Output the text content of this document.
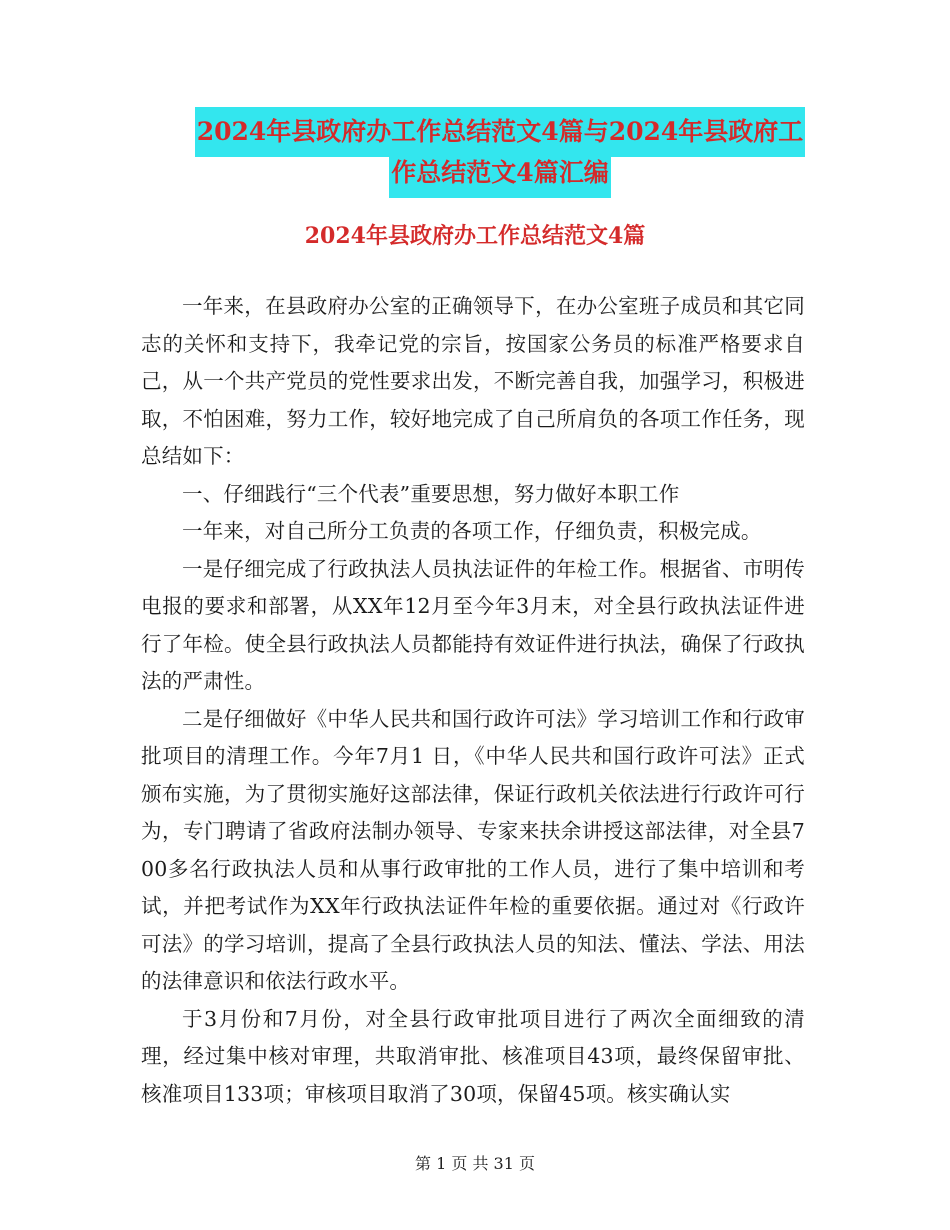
2024年县政府办工作总结范文4篇与2024年县政府工
作总结范文4篇汇编
2024年县政府办工作总结范文4篇

一年来，在县政府办公室的正确领导下，在办公室班子成员和其它同志的关怀和支持下，我牵记党的宗旨，按国家公务员的标准严格要求自己，从一个共产党员的党性要求出发，不断完善自我，加强学习，积极进取，不怕困难，努力工作，较好地完成了自己所肩负的各项工作任务，现总结如下：

一、仔细践行“三个代表”重要思想，努力做好本职工作

一年来，对自己所分工负责的各项工作，仔细负责，积极完成。

一是仔细完成了行政执法人员执法证件的年检工作。根据省、市明传电报的要求和部署，从XX年12月至今年3月末，对全县行政执法证件进行了年检。使全县行政执法人员都能持有效证件进行执法，确保了行政执法的严肃性。

二是仔细做好《中华人民共和国行政许可法》学习培训工作和行政审批项目的清理工作。今年7月1 日，《中华人民共和国行政许可法》正式颁布实施，为了贯彻实施好这部法律，保证行政机关依法进行行政许可行为，专门聘请了省政府法制办领导、专家来扶余讲授这部法律，对全县700多名行政执法人员和从事行政审批的工作人员，进行了集中培训和考试，并把考试作为XX年行政执法证件年检的重要依据。通过对《行政许可法》的学习培训，提高了全县行政执法人员的知法、懂法、学法、用法的法律意识和依法行政水平。

于3月份和7月份，对全县行政审批项目进行了两次全面细致的清理，经过集中核对审理，共取消审批、核准项目43项，最终保留审批、核准项目133项；审核项目取消了30项，保留45项。核实确认实

第 1 页 共 31 页
